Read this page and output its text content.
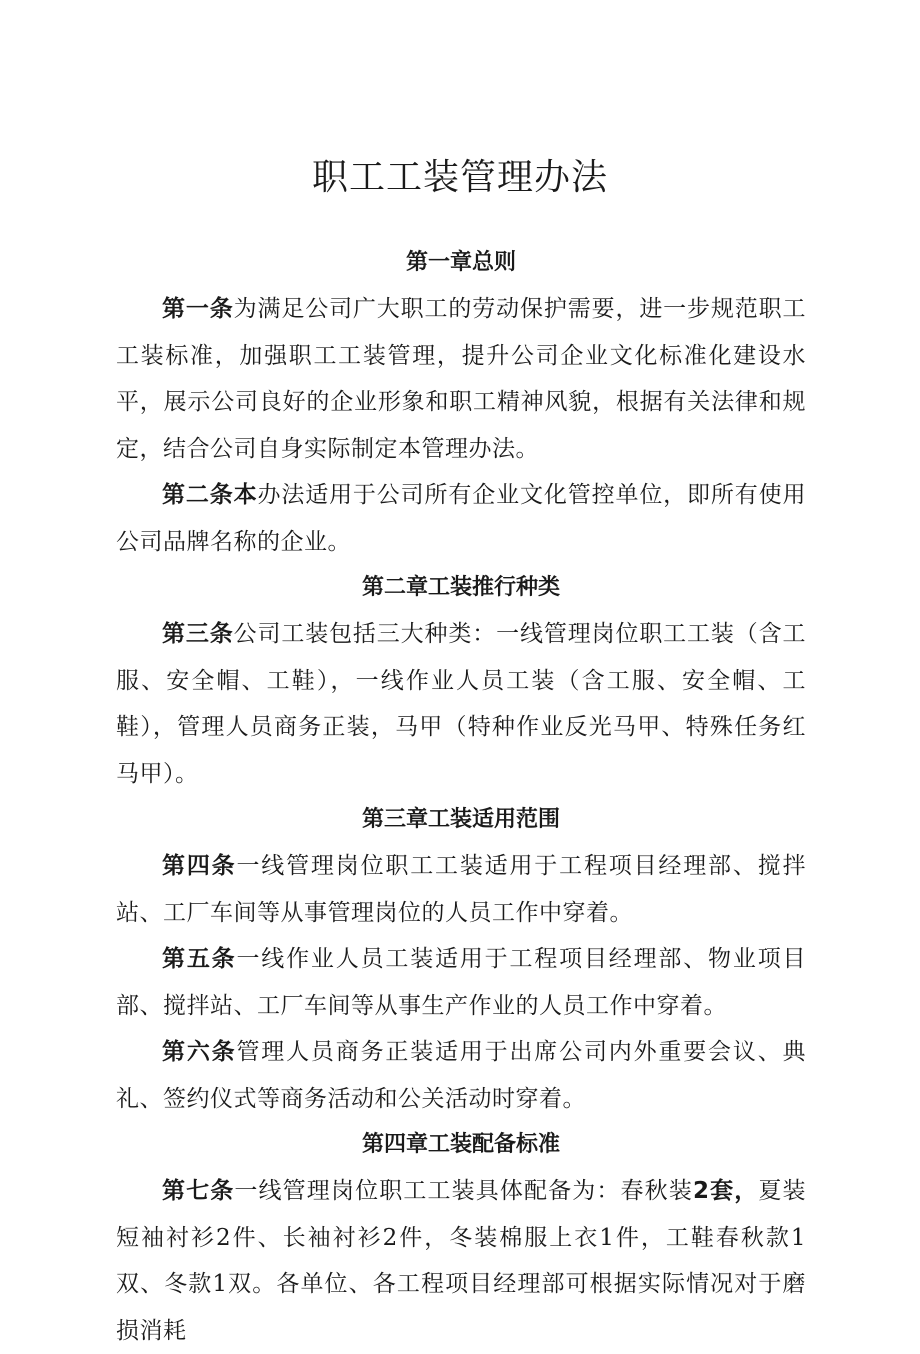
职工工装管理办法
第一章总则

第一条为满足公司广大职工的劳动保护需要，进一步规范职工工装标准，加强职工工装管理，提升公司企业文化标准化建设水平，展示公司良好的企业形象和职工精神风貌，根据有关法律和规定，结合公司自身实际制定本管理办法。

第二条本办法适用于公司所有企业文化管控单位，即所有使用公司品牌名称的企业。

第二章工装推行种类

第三条公司工装包括三大种类：一线管理岗位职工工装（含工服、安全帽、工鞋），一线作业人员工装（含工服、安全帽、工鞋），管理人员商务正装，马甲（特种作业反光马甲、特殊任务红马甲）。

第三章工装适用范围

第四条一线管理岗位职工工装适用于工程项目经理部、搅拌站、工厂车间等从事管理岗位的人员工作中穿着。

第五条一线作业人员工装适用于工程项目经理部、物业项目部、搅拌站、工厂车间等从事生产作业的人员工作中穿着。

第六条管理人员商务正装适用于出席公司内外重要会议、典礼、签约仪式等商务活动和公关活动时穿着。

第四章工装配备标准

第七条一线管理岗位职工工装具体配备为：春秋装2套，夏装短袖衬衫2件、长袖衬衫2件，冬装棉服上衣1件，工鞋春秋款1双、冬款1双。各单位、各工程项目经理部可根据实际情况对于磨损消耗
